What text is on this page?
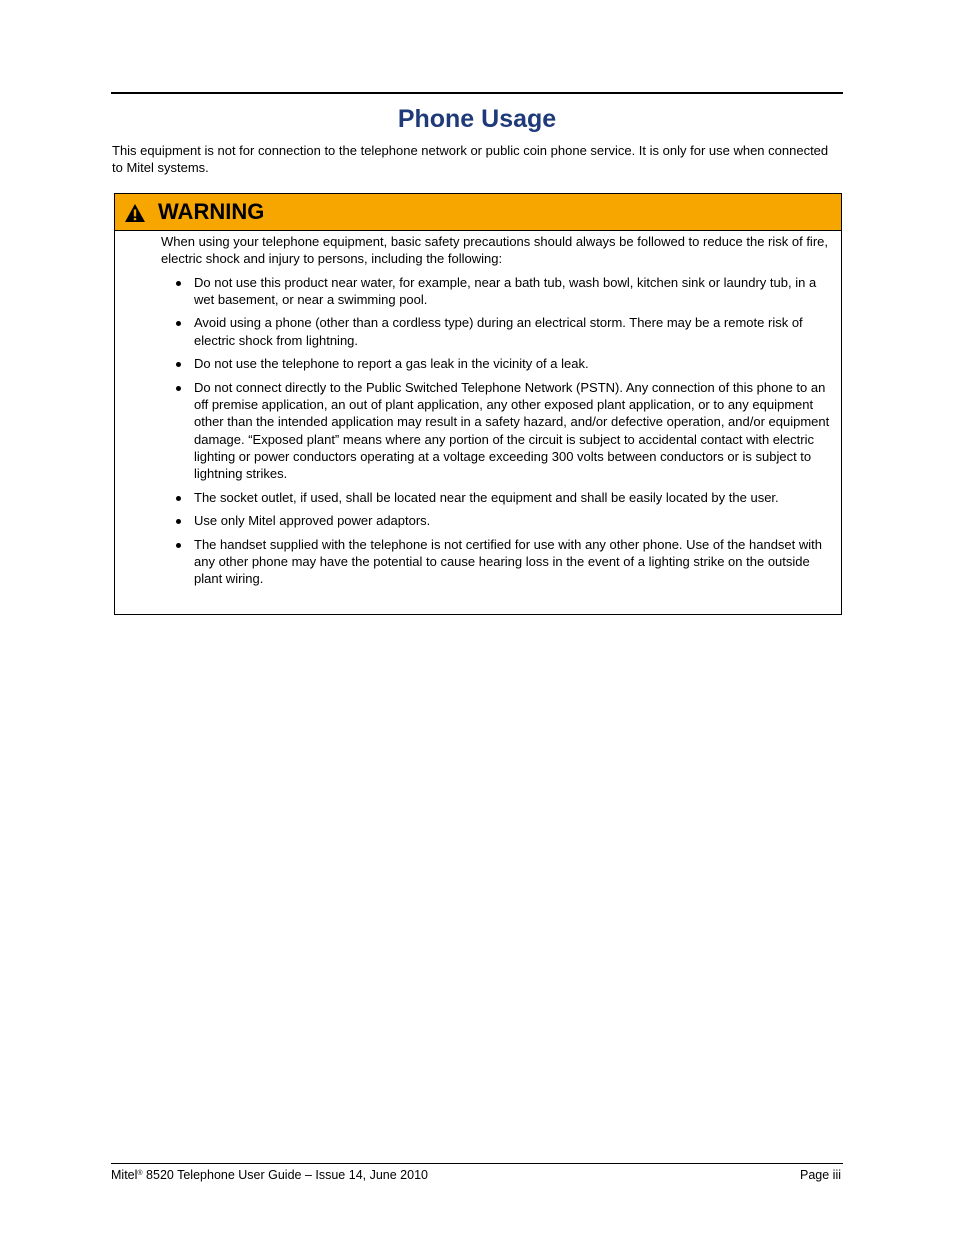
Phone Usage
This equipment is not for connection to the telephone network or public coin phone service. It is only for use when connected to Mitel systems.
WARNING

When using your telephone equipment, basic safety precautions should always be followed to reduce the risk of fire, electric shock and injury to persons, including the following:

Do not use this product near water, for example, near a bath tub, wash bowl, kitchen sink or laundry tub, in a wet basement, or near a swimming pool.
Avoid using a phone (other than a cordless type) during an electrical storm. There may be a remote risk of electric shock from lightning.
Do not use the telephone to report a gas leak in the vicinity of a leak.
Do not connect directly to the Public Switched Telephone Network (PSTN). Any connection of this phone to an off premise application, an out of plant application, any other exposed plant application, or to any equipment other than the intended application may result in a safety hazard, and/or defective operation, and/or equipment damage. “Exposed plant” means where any portion of the circuit is subject to accidental contact with electric lighting or power conductors operating at a voltage exceeding 300 volts between conductors or is subject to lightning strikes.
The socket outlet, if used, shall be located near the equipment and shall be easily located by the user.
Use only Mitel approved power adaptors.
The handset supplied with the telephone is not certified for use with any other phone. Use of the handset with any other phone may have the potential to cause hearing loss in the event of a lighting strike on the outside plant wiring.
Mitel® 8520 Telephone User Guide – Issue 14, June 2010	Page iii
